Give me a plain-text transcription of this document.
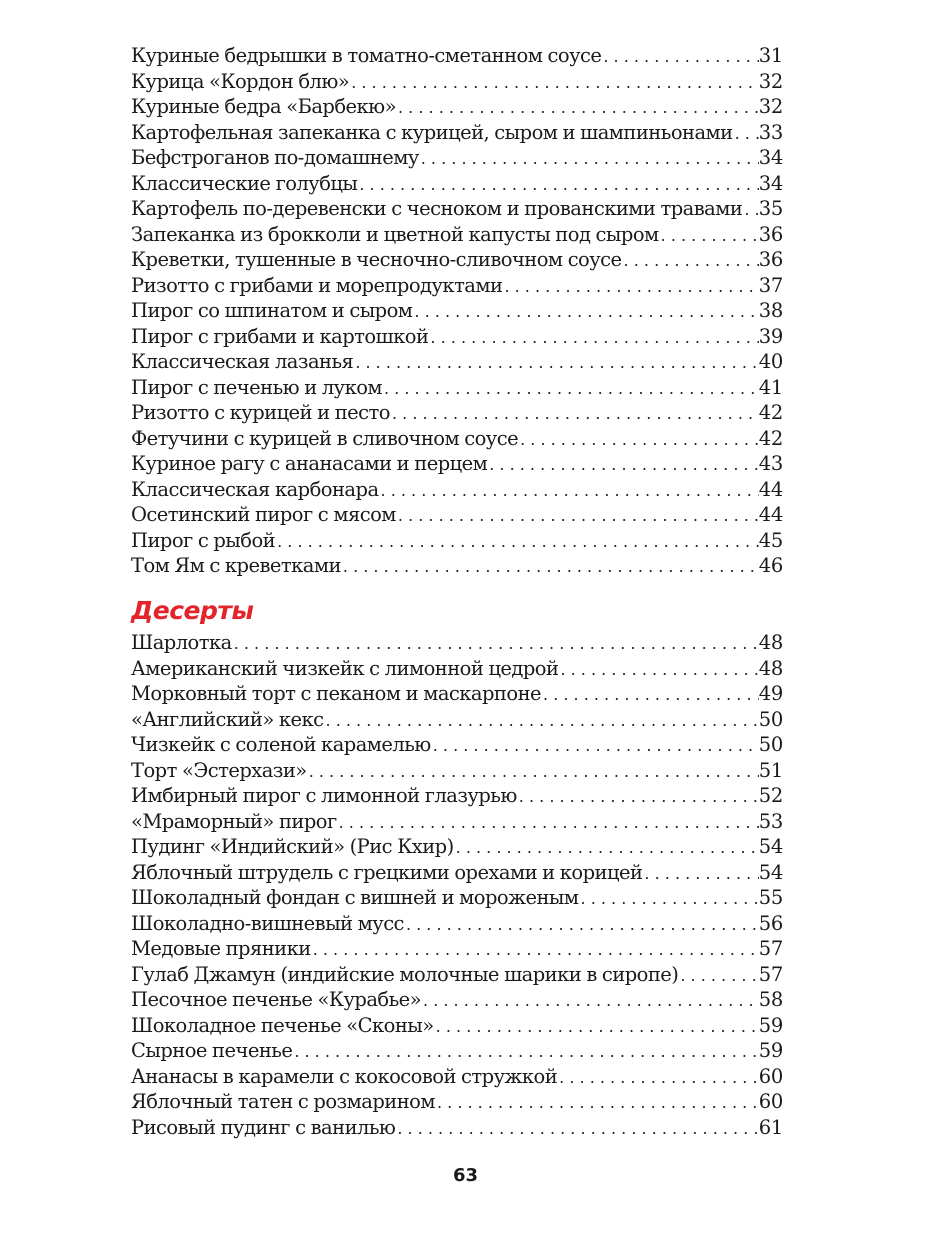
Куриные бедрышки в томатно-сметанном соусе . . .	31
Курица «Кордон блю» . . .	32
Куриные бедра «Барбекю» . . .	32
Картофельная запеканка с курицей, сыром и шампиньонами . . . 33
Бефстроганов по-домашнему . . .	34
Классические голубцы . . .	34
Картофель по-деревенски с чесноком и прованскими травами . . . 35
Запеканка из брокколи и цветной капусты под сыром . . .	36
Креветки, тушенные в чесночно-сливочном соусе . . .	36
Ризотто с грибами и морепродуктами . . .	37
Пирог со шпинатом и сыром . . .	38
Пирог с грибами и картошкой . . .	39
Классическая лазанья . . .	40
Пирог с печенью и луком . . .	41
Ризотто с курицей и песто . . .	42
Фетучини с курицей в сливочном соусе . . .	42
Куриное рагу с ананасами и перцем . . .	43
Классическая карбонара . . .	44
Осетинский пирог с мясом . . .	44
Пирог с рыбой . . .	45
Том Ям с креветками . . .	46
Десерты
Шарлотка . . .	48
Американский чизкейк с лимонной цедрой . . .	48
Морковный торт с пеканом и маскарпоне . . .	49
«Английский» кекс . . .	50
Чизкейк с соленой карамелью . . .	50
Торт «Эстерхази» . . .	51
Имбирный пирог с лимонной глазурью . . .	52
«Мраморный» пирог . . .	53
Пудинг «Индийский» (Рис Кхир) . . .	54
Яблочный штрудель с грецкими орехами и корицей . . .	54
Шоколадный фондан с вишней и мороженым . . .	55
Шоколадно-вишневый мусс . . .	56
Медовые пряники . . .	57
Гулаб Джамун (индийские молочные шарики в сиропе) . . .	57
Песочное печенье «Курабье» . . .	58
Шоколадное печенье «Сконы» . . .	59
Сырное печенье . . .	59
Ананасы в карамели с кокосовой стружкой . . .	60
Яблочный татен с розмарином . . .	60
Рисовый пудинг с ванилью . . .	61
63
